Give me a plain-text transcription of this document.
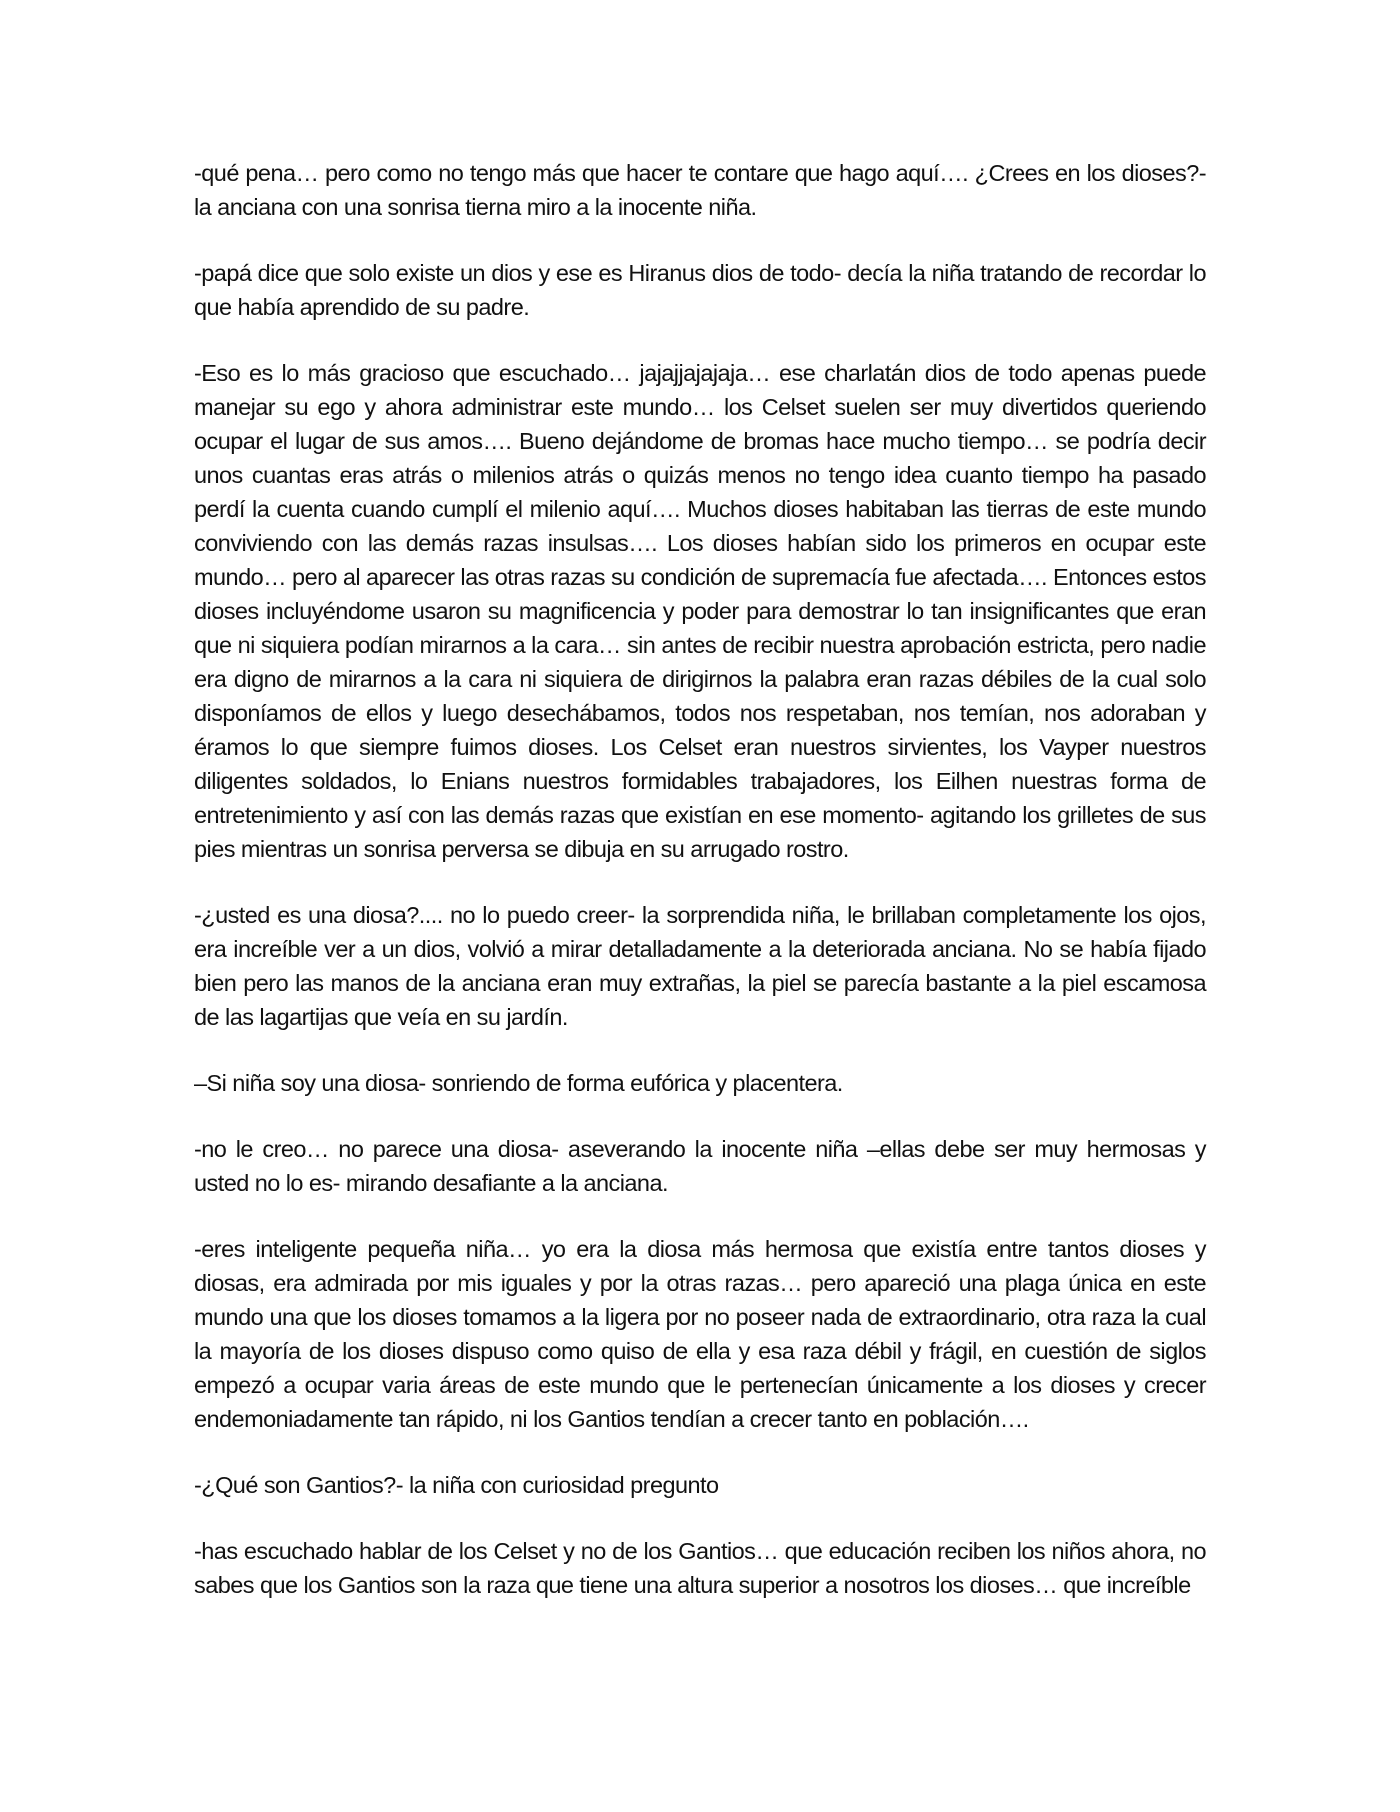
-qué pena… pero como no tengo más que hacer te contare que hago aquí…. ¿Crees en los dioses?- la anciana con una sonrisa tierna miro a la inocente niña.

-papá dice que solo existe un dios y ese es Hiranus dios de todo- decía la niña tratando de recordar lo que había aprendido de su padre.

-Eso es lo más gracioso que escuchado… jajajjajajaja… ese charlatán dios de todo apenas puede manejar su ego y ahora administrar este mundo… los Celset suelen ser muy divertidos queriendo ocupar el lugar de sus amos…. Bueno dejándome de bromas hace mucho tiempo… se podría decir unos cuantas eras atrás o milenios atrás o quizás menos no tengo idea cuanto tiempo ha pasado perdí la cuenta cuando cumplí el milenio aquí…. Muchos dioses habitaban las tierras de este mundo conviviendo con las demás razas insulsas…. Los dioses habían sido los primeros en ocupar este mundo… pero al aparecer las otras razas su condición de supremacía fue afectada…. Entonces estos dioses incluyéndome usaron su magnificencia y poder para demostrar lo tan insignificantes que eran que ni siquiera podían mirarnos a la cara… sin antes de recibir nuestra aprobación estricta, pero nadie era digno de mirarnos a la cara ni siquiera de dirigirnos la palabra eran razas débiles de la cual solo disponíamos de ellos y luego desechábamos, todos nos respetaban, nos temían, nos adoraban y éramos lo que siempre fuimos dioses. Los Celset eran nuestros sirvientes, los Vayper nuestros diligentes soldados, lo Enians nuestros formidables trabajadores, los Eilhen nuestras forma de entretenimiento y así con las demás razas que existían en ese momento- agitando los grilletes de sus pies mientras un sonrisa perversa se dibuja en su arrugado rostro.

-¿usted es una diosa?.... no lo puedo creer- la sorprendida niña, le brillaban completamente los ojos, era increíble ver a un dios, volvió a mirar detalladamente a la deteriorada anciana. No se había fijado bien pero las manos de la anciana eran muy extrañas, la piel se parecía bastante a la piel escamosa de las lagartijas que veía en su jardín.

–Si niña soy una diosa- sonriendo de forma eufórica y placentera.

-no le creo… no parece una diosa- aseverando la inocente niña –ellas debe ser muy hermosas y usted no lo es- mirando desafiante a la anciana.

-eres inteligente pequeña niña… yo era la diosa más hermosa que existía entre tantos dioses y diosas, era admirada por mis iguales y por la otras razas… pero apareció una plaga única en este mundo una que los dioses tomamos a la ligera por no poseer nada de extraordinario, otra raza la cual la mayoría de los dioses dispuso como quiso de ella y esa raza débil y frágil, en cuestión de siglos empezó a ocupar varia áreas de este mundo que le pertenecían únicamente a los dioses y crecer endemoniadamente tan rápido, ni los Gantios tendían a crecer tanto en población….

-¿Qué son Gantios?- la niña con curiosidad pregunto

-has escuchado hablar de los Celset y no de los Gantios… que educación reciben los niños ahora, no sabes que los Gantios son la raza que tiene una altura superior a nosotros los dioses… que increíble
